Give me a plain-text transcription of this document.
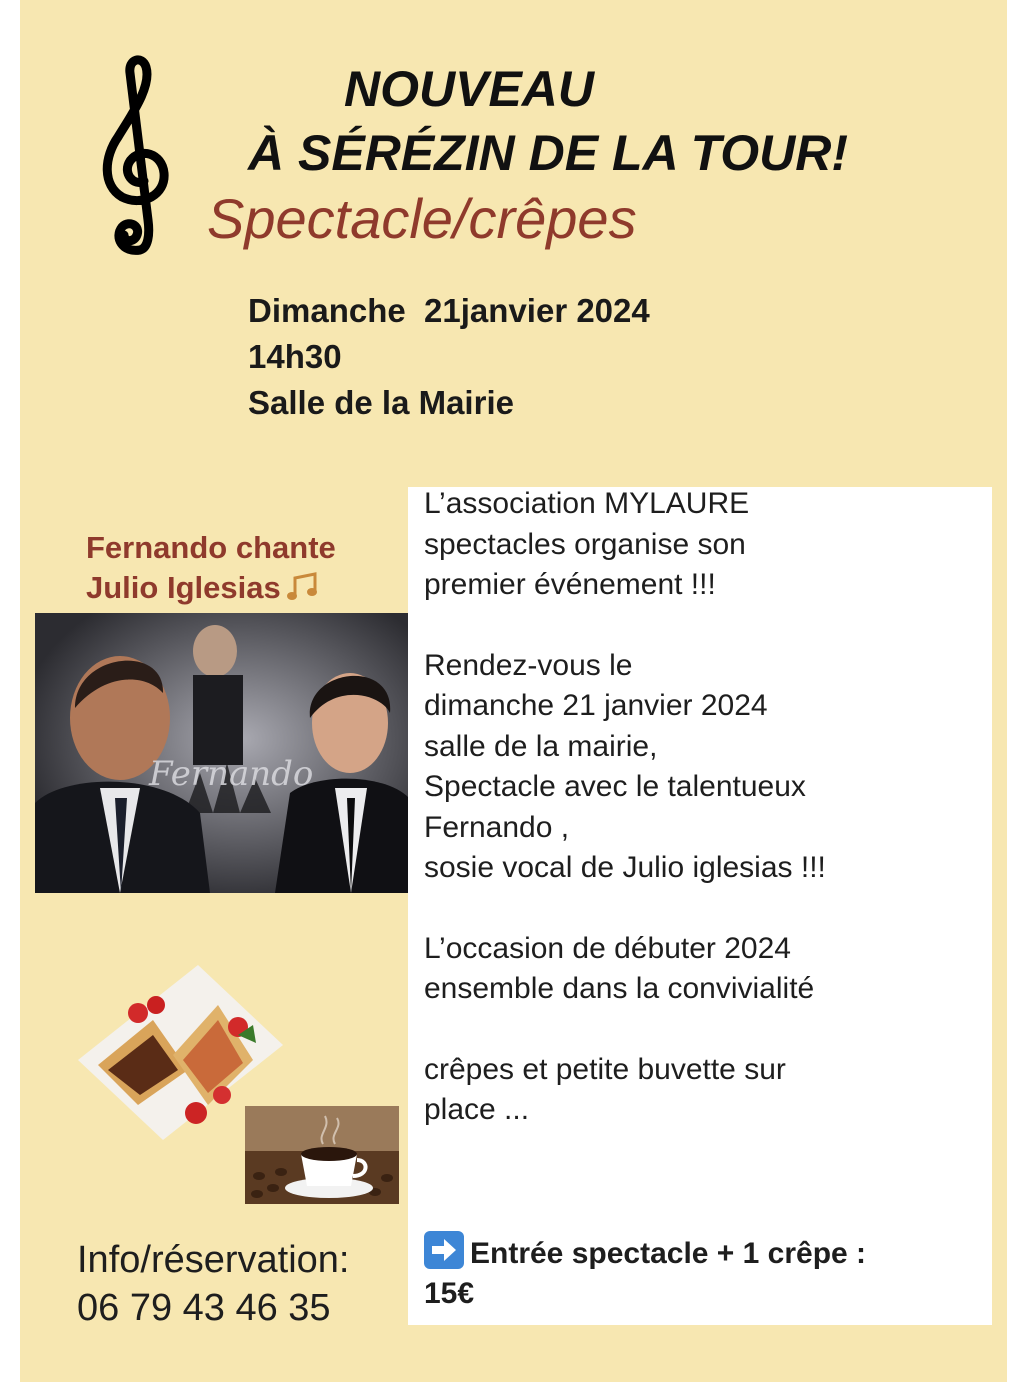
NOUVEAU
À SÉRÉZIN DE LA TOUR!
Spectacle/crêpes
Dimanche  21janvier 2024
14h30
Salle de la Mairie
Fernando chante
Julio Iglesias
Fernando
L’association MYLAURE
spectacles organise son
premier événement !!!
Rendez-vous le
dimanche 21 janvier 2024
salle de la mairie,
Spectacle avec le talentueux
Fernando ,
sosie vocal de Julio iglesias !!!
L’occasion de débuter 2024
ensemble dans la convivialité
crêpes et petite buvette sur
place ...
Entrée spectacle + 1 crêpe :
15€
Info/réservation:
06 79 43 46 35
